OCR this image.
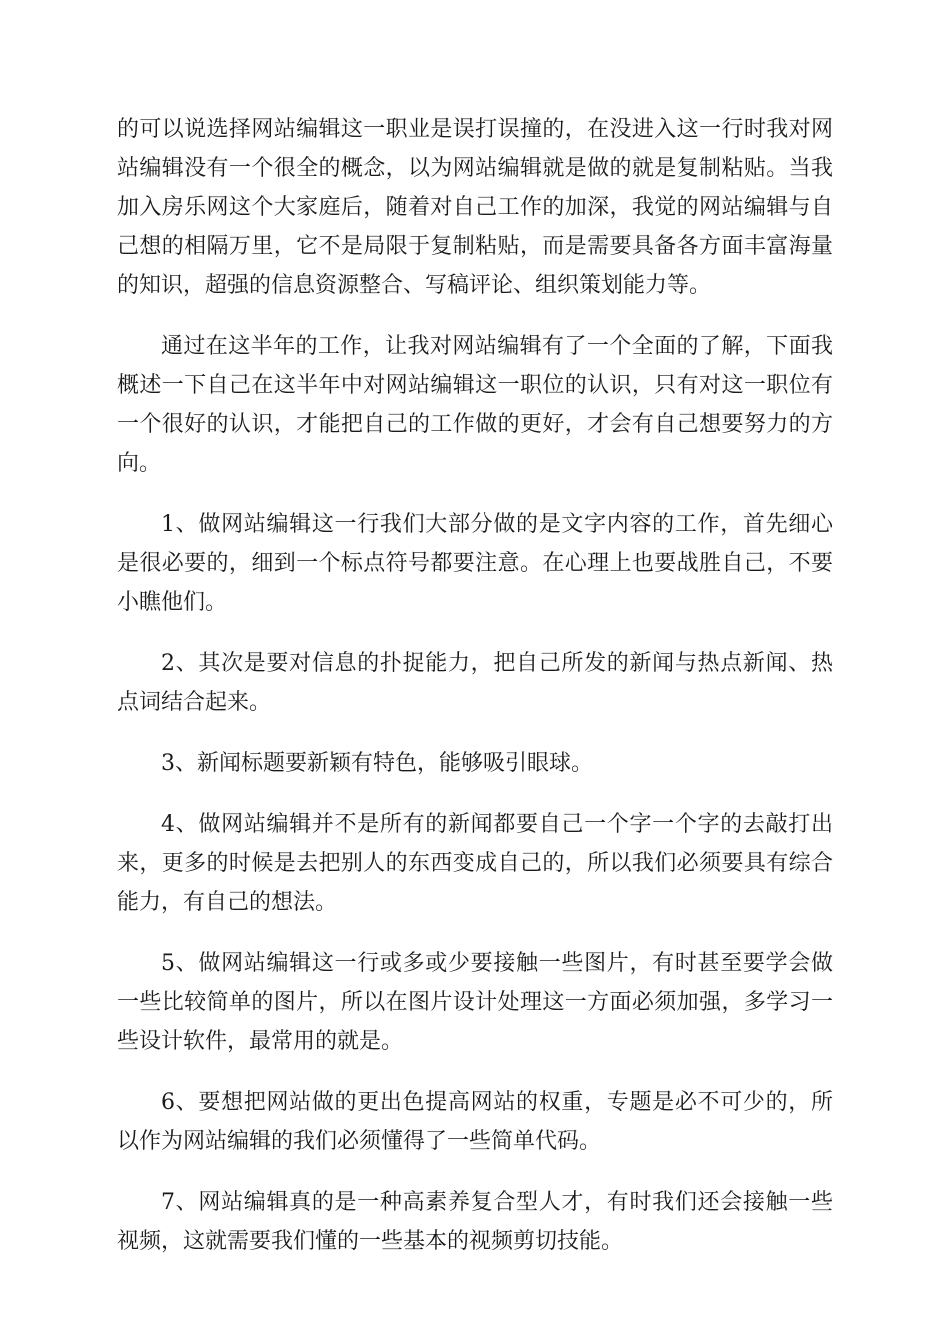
的可以说选择网站编辑这一职业是误打误撞的，在没进入这一行时我对网站编辑没有一个很全的概念，以为网站编辑就是做的就是复制粘贴。当我加入房乐网这个大家庭后，随着对自己工作的加深，我觉的网站编辑与自己想的相隔万里，它不是局限于复制粘贴，而是需要具备各方面丰富海量的知识，超强的信息资源整合、写稿评论、组织策划能力等。

通过在这半年的工作，让我对网站编辑有了一个全面的了解，下面我概述一下自己在这半年中对网站编辑这一职位的认识，只有对这一职位有一个很好的认识，才能把自己的工作做的更好，才会有自己想要努力的方向。

1、做网站编辑这一行我们大部分做的是文字内容的工作，首先细心是很必要的，细到一个标点符号都要注意。在心理上也要战胜自己，不要小瞧他们。

2、其次是要对信息的扑捉能力，把自己所发的新闻与热点新闻、热点词结合起来。

3、新闻标题要新颖有特色，能够吸引眼球。

4、做网站编辑并不是所有的新闻都要自己一个字一个字的去敲打出来，更多的时候是去把别人的东西变成自己的，所以我们必须要具有综合能力，有自己的想法。

5、做网站编辑这一行或多或少要接触一些图片，有时甚至要学会做一些比较简单的图片，所以在图片设计处理这一方面必须加强，多学习一些设计软件，最常用的就是。

6、要想把网站做的更出色提高网站的权重，专题是必不可少的，所以作为网站编辑的我们必须懂得了一些简单代码。

7、网站编辑真的是一种高素养复合型人才，有时我们还会接触一些视频，这就需要我们懂的一些基本的视频剪切技能。
